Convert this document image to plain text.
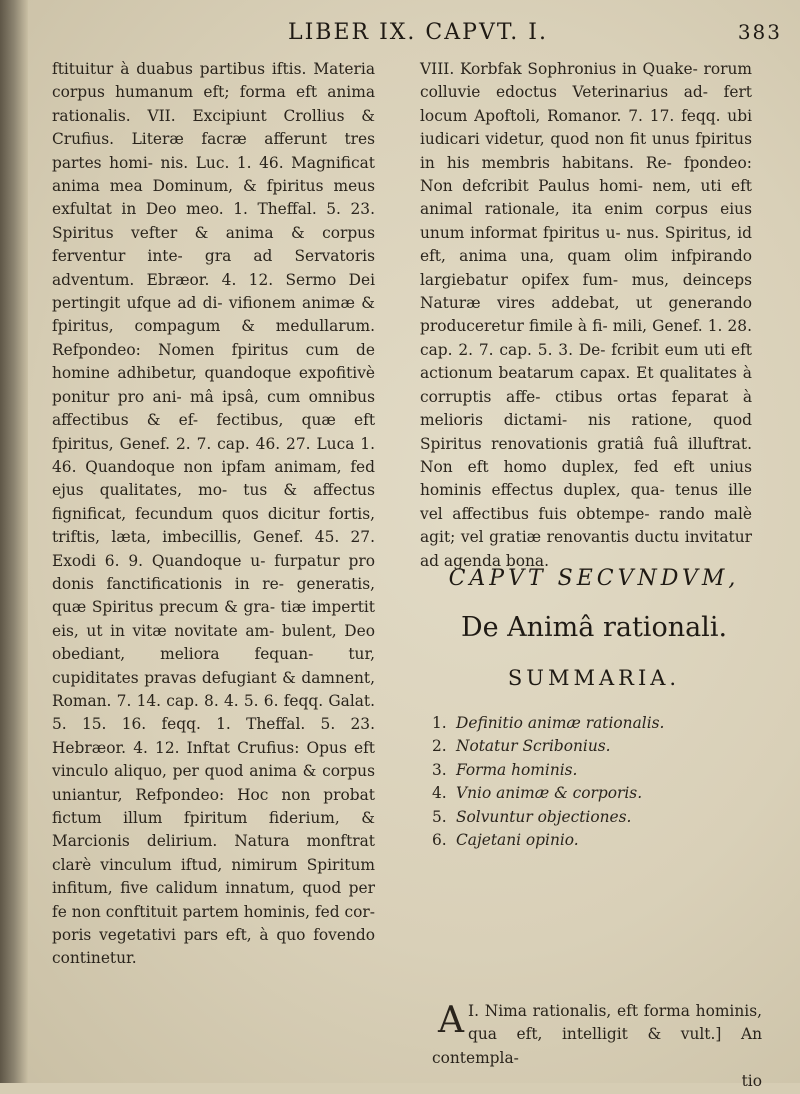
LIBER IX. CAPVT. I.	383

ftituitur à duabus partibus iftis. Materia corpus humanum eft; forma eft anima rationalis. VII. Excipiunt Crollius & Crufius. Literæ facræ afferunt tres partes homi- nis. Luc. 1. 46. Magnificat anima mea Dominum, & fpiritus meus exfultat in Deo meo. 1. Theffal. 5. 23. Spiritus vefter & anima & corpus ferventur inte- gra ad Servatoris adventum. Ebræor. 4. 12. Sermo Dei pertingit ufque ad di- vifionem animæ & fpiritus, compagum & medullarum. Refpondeo: Nomen fpiritus cum de homine adhibetur, quandoque expofitivè ponitur pro ani- mâ ipsâ, cum omnibus affectibus & ef- fectibus, quæ eft fpiritus, Genef. 2. 7. cap. 46. 27. Luca 1. 46. Quandoque non ipfam animam, fed ejus qualitates, mo- tus & affectus fignificat, fecundum quos dicitur fortis, triftis, læta, imbecillis, Genef. 45. 27. Exodi 6. 9. Quandoque u- furpatur pro donis fanctificationis in re- generatis, quæ Spiritus precum & gra- tiæ impertit eis, ut in vitæ novitate am- bulent, Deo obediant, meliora fequan- tur, cupiditates pravas defugiant & damnent, Roman. 7. 14. cap. 8. 4. 5. 6. feqq. Galat. 5. 15. 16. feqq. 1. Theffal. 5. 23. Hebræor. 4. 12. Inftat Crufius: Opus eft vinculo aliquo, per quod anima & corpus uniantur, Refpondeo: Hoc non probat fictum illum fpiritum fiderium, & Marcionis delirium. Natura monftrat clarè vinculum iftud, nimirum Spiritum infitum, five calidum innatum, quod per fe non conftituit partem hominis, fed cor- poris vegetativi pars eft, à quo fovendo continetur.

VIII. Korbfak Sophronius in Quake- rorum colluvie edoctus Veterinarius ad- fert locum Apoftoli, Romanor. 7. 17. feqq. ubi iudicari videtur, quod non fit unus fpiritus in his membris habitans. Re- fpondeo: Non defcribit Paulus homi- nem, uti eft animal rationale, ita enim corpus eius unum informat fpiritus u- nus. Spiritus, id eft, anima una, quam olim infpirando largiebatur opifex fum- mus, deinceps Naturæ vires addebat, ut generando produceretur fimile à fi- mili, Genef. 1. 28. cap. 2. 7. cap. 5. 3. De- fcribit eum uti eft actionum beatarum capax. Et qualitates à corruptis affe- ctibus ortas feparat à melioris dictami- nis ratione, quod Spiritus renovationis gratiâ fuâ illuftrat. Non eft homo duplex, fed eft unius hominis effectus duplex, qua- tenus ille vel affectibus fuis obtempe- rando malè agit; vel gratiæ renovantis ductu invitatur ad agenda bona.

CAPVT SECVNDVM,
De Animâ rationali.
SUMMARIA.
1. Definitio animæ rationalis.
2. Notatur Scribonius.
3. Forma hominis.
4. Vnio animæ & corporis.
5. Solvuntur objectiones.
6. Cajetani opinio.
I.
A Nima rationalis, eft forma hominis, qua eft, intelligit & vult.] An contempla-
tio
